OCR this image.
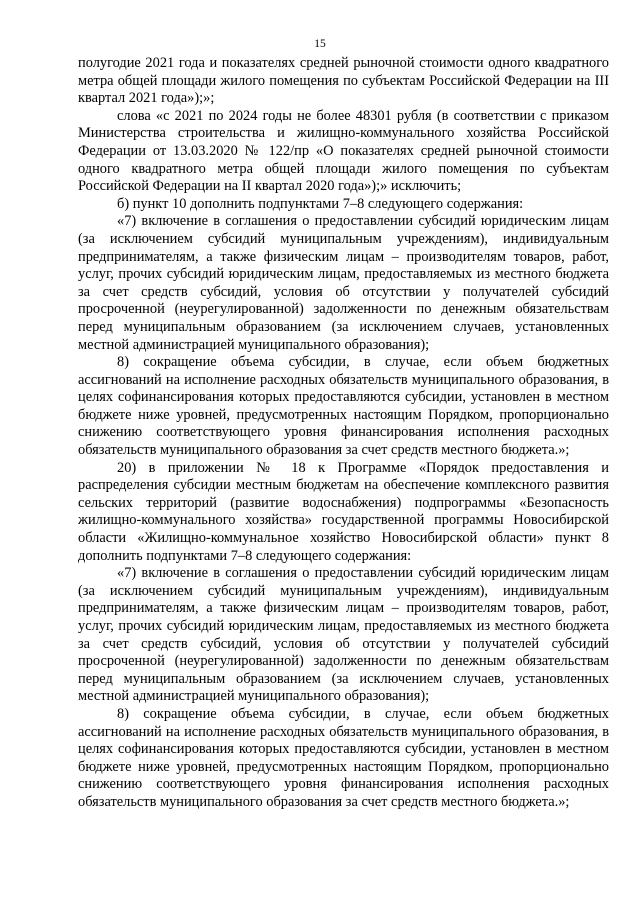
15

полугодие 2021 года и показателях средней рыночной стоимости одного квадратного метра общей площади жилого помещения по субъектам Российской Федерации на III квартал 2021 года»);»;

слова «с 2021 по 2024 годы не более 48301 рубля (в соответствии с приказом Министерства строительства и жилищно-коммунального хозяйства Российской Федерации от 13.03.2020 № 122/пр «О показателях средней рыночной стоимости одного квадратного метра общей площади жилого помещения по субъектам Российской Федерации на II квартал 2020 года»);» исключить;

б) пункт 10 дополнить подпунктами 7–8 следующего содержания:

«7) включение в соглашения о предоставлении субсидий юридическим лицам (за исключением субсидий муниципальным учреждениям), индивидуальным предпринимателям, а также физическим лицам – производителям товаров, работ, услуг, прочих субсидий юридическим лицам, предоставляемых из местного бюджета за счет средств субсидий, условия об отсутствии у получателей субсидий просроченной (неурегулированной) задолженности по денежным обязательствам перед муниципальным образованием (за исключением случаев, установленных местной администрацией муниципального образования);

8) сокращение объема субсидии, в случае, если объем бюджетных ассигнований на исполнение расходных обязательств муниципального образования, в целях софинансирования которых предоставляются субсидии, установлен в местном бюджете ниже уровней, предусмотренных настоящим Порядком, пропорционально снижению соответствующего уровня финансирования исполнения расходных обязательств муниципального образования за счет средств местного бюджета.»;

20) в приложении № 18 к Программе «Порядок предоставления и распределения субсидии местным бюджетам на обеспечение комплексного развития сельских территорий (развитие водоснабжения) подпрограммы «Безопасность жилищно-коммунального хозяйства» государственной программы Новосибирской области «Жилищно-коммунальное хозяйство Новосибирской области» пункт 8 дополнить подпунктами 7–8 следующего содержания:

«7) включение в соглашения о предоставлении субсидий юридическим лицам (за исключением субсидий муниципальным учреждениям), индивидуальным предпринимателям, а также физическим лицам – производителям товаров, работ, услуг, прочих субсидий юридическим лицам, предоставляемых из местного бюджета за счет средств субсидий, условия об отсутствии у получателей субсидий просроченной (неурегулированной) задолженности по денежным обязательствам перед муниципальным образованием (за исключением случаев, установленных местной администрацией муниципального образования);

8) сокращение объема субсидии, в случае, если объем бюджетных ассигнований на исполнение расходных обязательств муниципального образования, в целях софинансирования которых предоставляются субсидии, установлен в местном бюджете ниже уровней, предусмотренных настоящим Порядком, пропорционально снижению соответствующего уровня финансирования исполнения расходных обязательств муниципального образования за счет средств местного бюджета.»;
